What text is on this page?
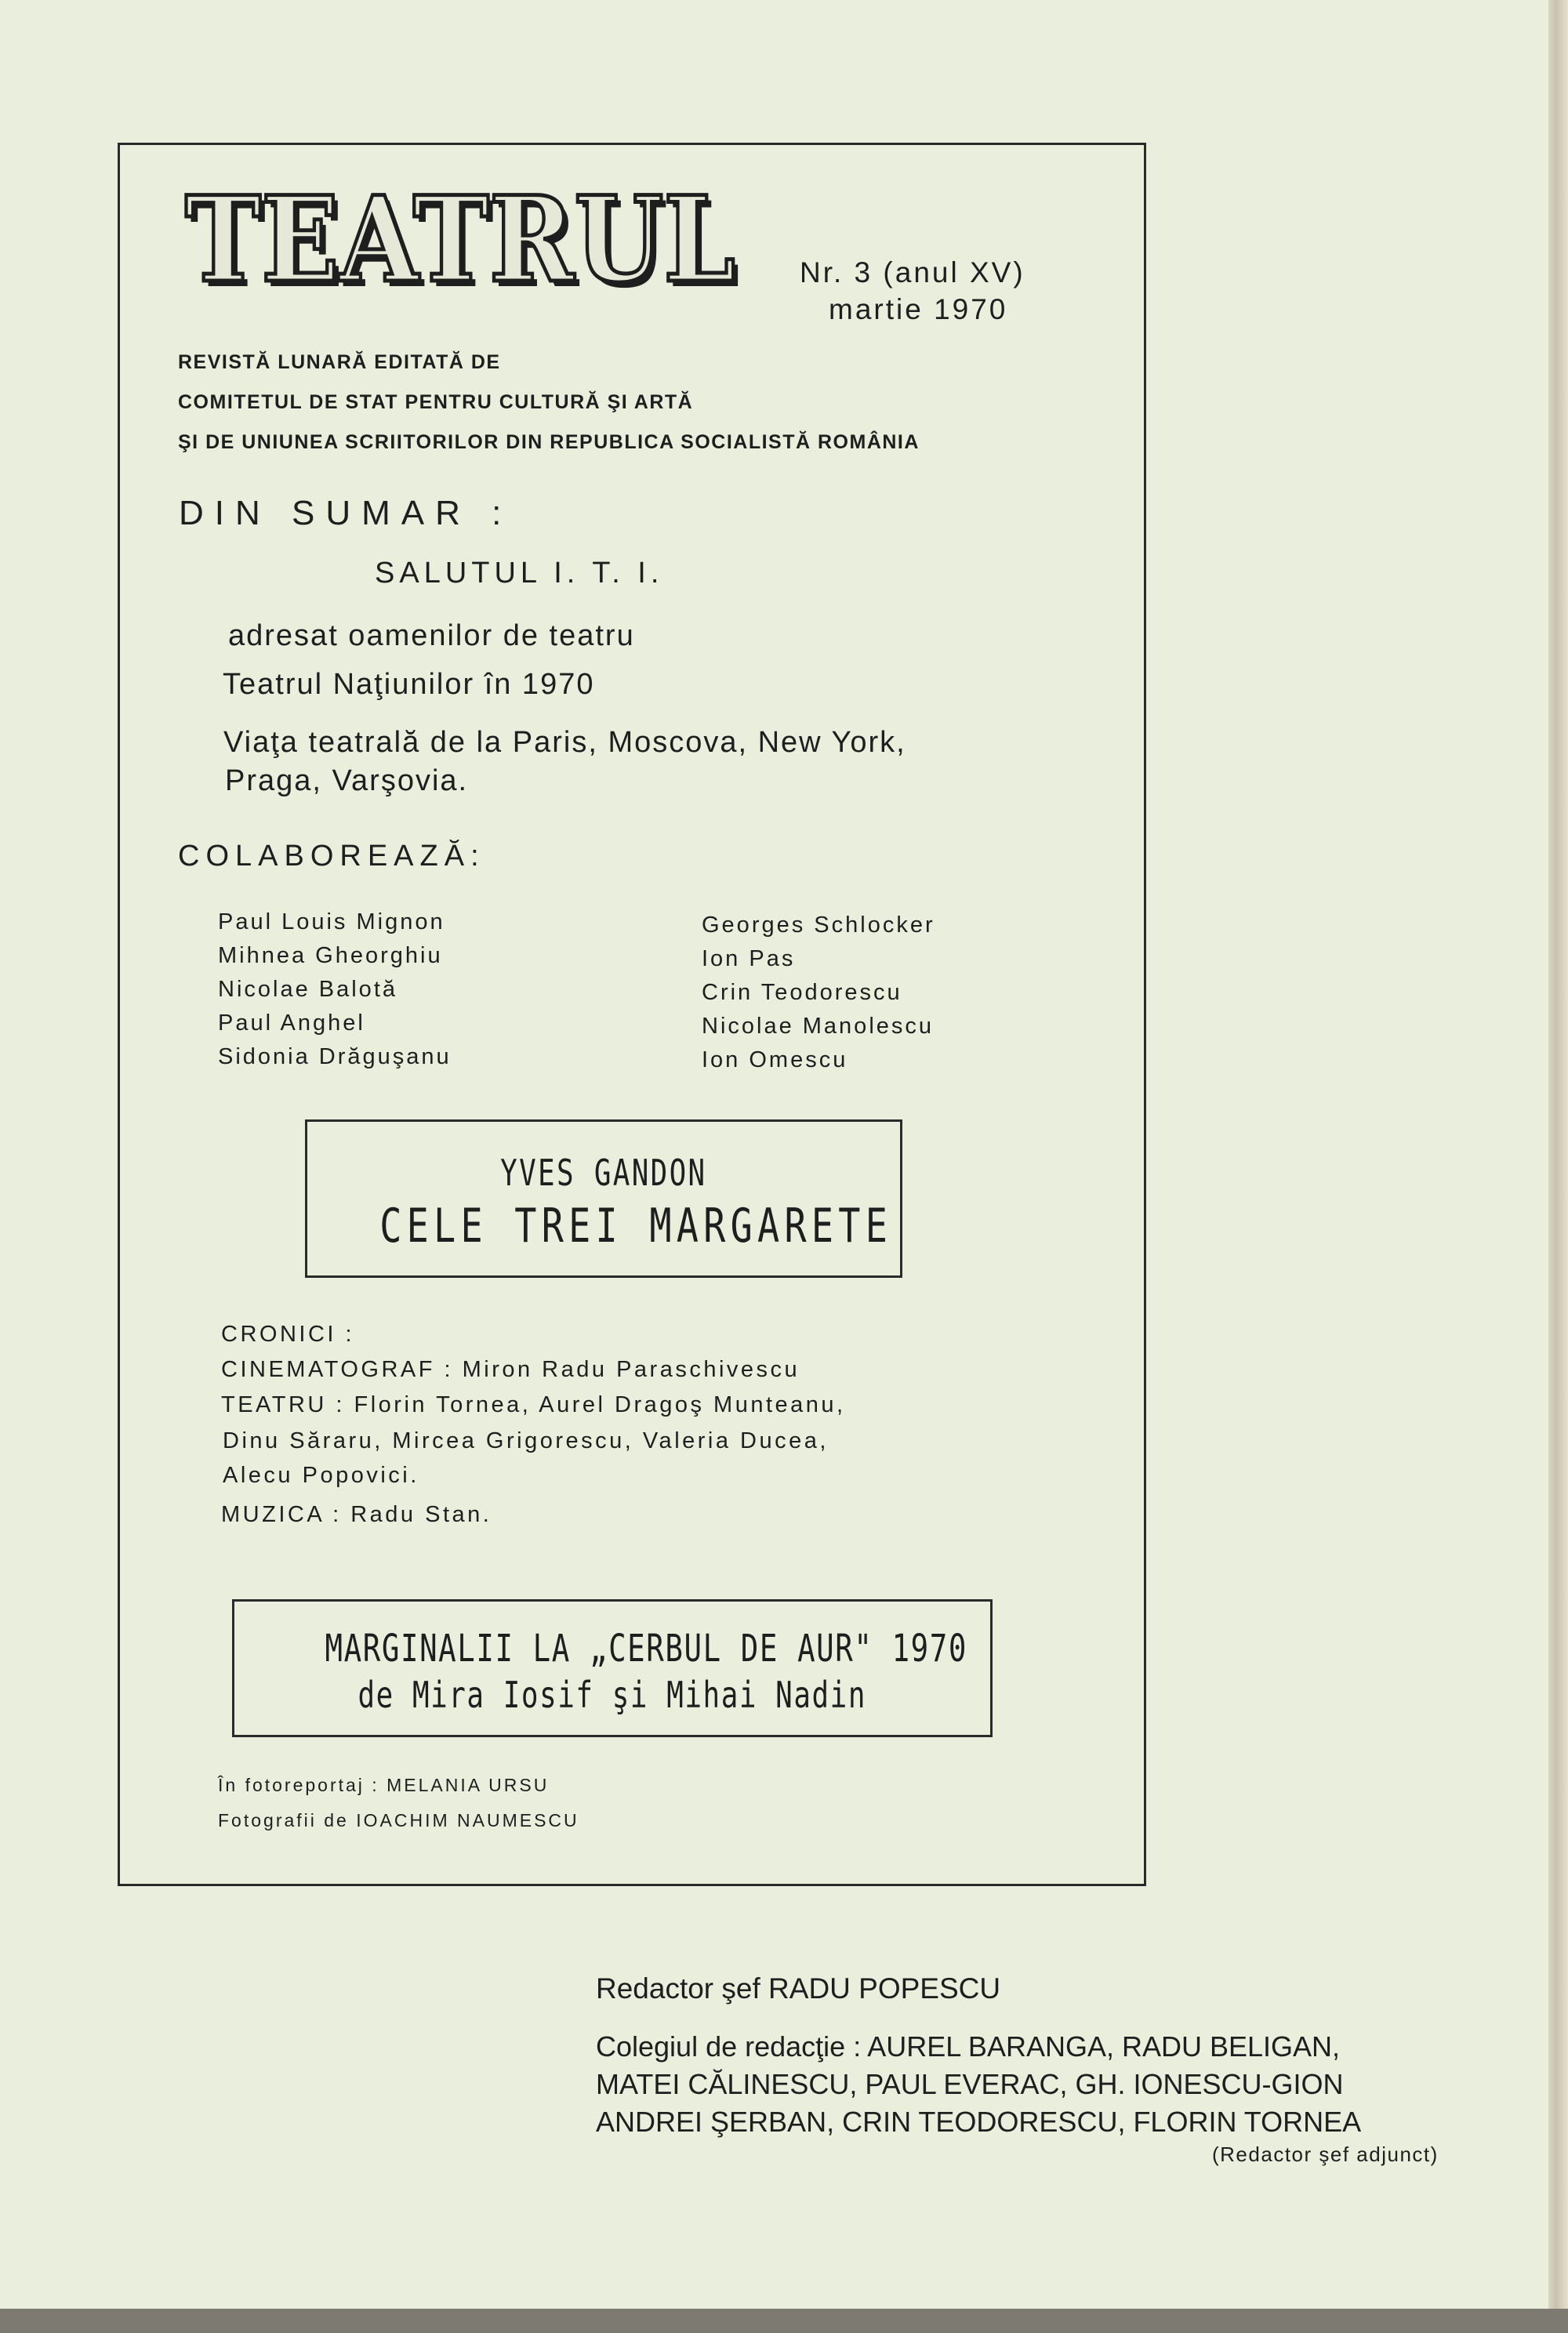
TEATRUL
TEATRUL Nr. 3 (anul XV)
martie 1970
REVISTĂ LUNARĂ EDITATĂ DE
COMITETUL DE STAT PENTRU CULTURĂ ŞI ARTĂ
ŞI DE UNIUNEA SCRIITORILOR DIN REPUBLICA SOCIALISTĂ ROMÂNIA
DIN SUMAR :
SALUTUL I. T. I.
adresat oamenilor de teatru
Teatrul Naţiunilor în 1970
Viaţa teatrală de la Paris, Moscova, New York,
Praga, Varşovia.
COLABOREAZĂ:
Paul Louis Mignon
Mihnea Gheorghiu
Nicolae Balotă
Paul Anghel
Sidonia Drăguşanu
Georges Schlocker
Ion Pas
Crin Teodorescu
Nicolae Manolescu
Ion Omescu
YVES GANDON
CELE TREI MARGARETE
CRONICI :
CINEMATOGRAF : Miron Radu Paraschivescu
TEATRU : Florin Tornea, Aurel Dragoş Munteanu,
Dinu Săraru, Mircea Grigorescu, Valeria Ducea,
Alecu Popovici.
MUZICA : Radu Stan.
MARGINALII LA „CERBUL DE AUR" 1970
de Mira Iosif şi Mihai Nadin
În fotoreportaj : MELANIA URSU
Fotografii de IOACHIM NAUMESCU
Redactor şef RADU POPESCU
Colegiul de redacţie : AUREL BARANGA, RADU BELIGAN,
MATEI CĂLINESCU, PAUL EVERAC, GH. IONESCU-GION
ANDREI ŞERBAN, CRIN TEODORESCU, FLORIN TORNEA
(Redactor şef adjunct)
